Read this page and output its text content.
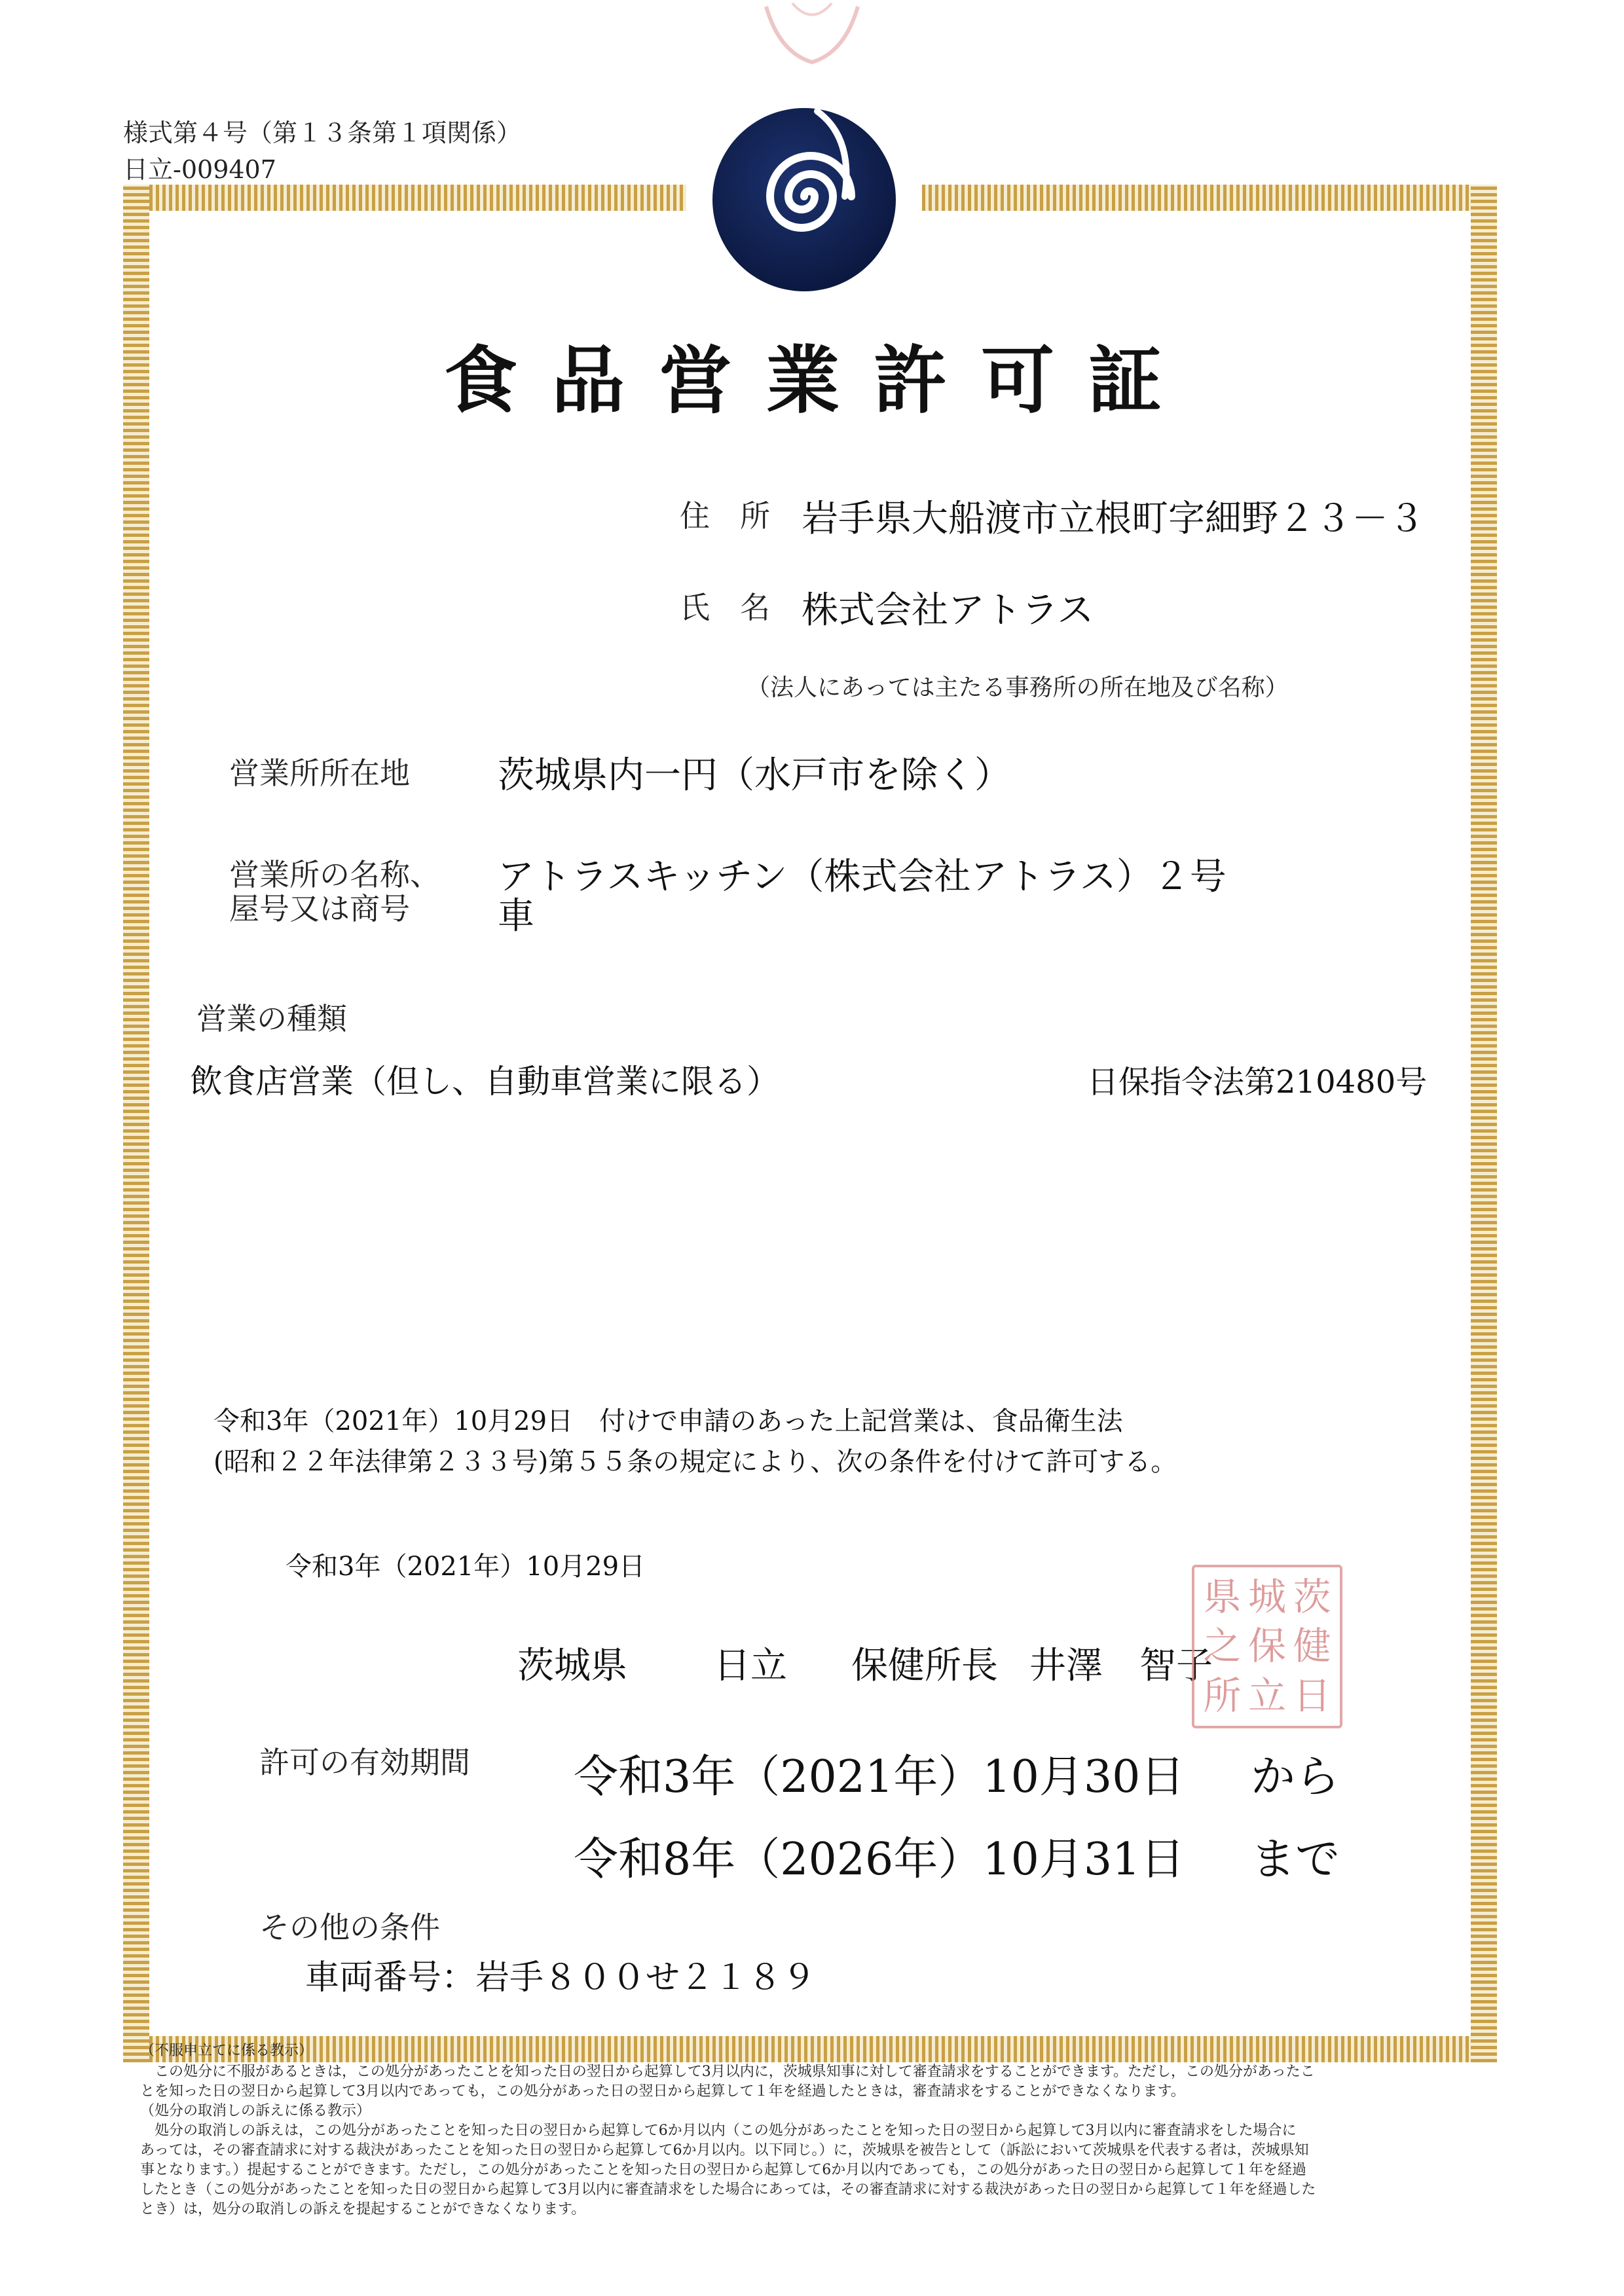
様式第４号（第１３条第１項関係）
日立-009407
食品営業許可証
住　所 岩手県大船渡市立根町字細野２３－３
氏　名 株式会社アトラス
（法人にあっては主たる事務所の所在地及び名称）
営業所所在地 茨城県内一円（水戸市を除く）
営業所の名称、
屋号又は商号
アトラスキッチン（株式会社アトラス）２号
車
営業の種類
飲食店営業（但し、自動車営業に限る）	日保指令法第210480号
令和3年（2021年）10月29日　付けで申請のあった上記営業は、食品衛生法
(昭和２２年法律第２３３号)第５５条の規定により、次の条件を付けて許可する。
令和3年（2021年）10月29日
茨城県 日立 保健所長 井澤　智子
県 城 茨
之 保 健
所 立 日
許可の有効期間 令和3年（2021年）10月30日 から
令和8年（2026年）10月31日 まで
その他の条件
車両番号：岩手８００せ２１８９
（不服申立てに係る教示）
　この処分に不服があるときは，この処分があったことを知った日の翌日から起算して3月以内に，茨城県知事に対して審査請求をすることができます。ただし，この処分があったこ
とを知った日の翌日から起算して3月以内であっても，この処分があった日の翌日から起算して１年を経過したときは，審査請求をすることができなくなります。
（処分の取消しの訴えに係る教示）
　処分の取消しの訴えは，この処分があったことを知った日の翌日から起算して6か月以内（この処分があったことを知った日の翌日から起算して3月以内に審査請求をした場合に
あっては，その審査請求に対する裁決があったことを知った日の翌日から起算して6か月以内。以下同じ。）に，茨城県を被告として（訴訟において茨城県を代表する者は，茨城県知
事となります。）提起することができます。ただし，この処分があったことを知った日の翌日から起算して6か月以内であっても，この処分があった日の翌日から起算して１年を経過
したとき（この処分があったことを知った日の翌日から起算して3月以内に審査請求をした場合にあっては，その審査請求に対する裁決があった日の翌日から起算して１年を経過した
とき）は，処分の取消しの訴えを提起することができなくなります。
